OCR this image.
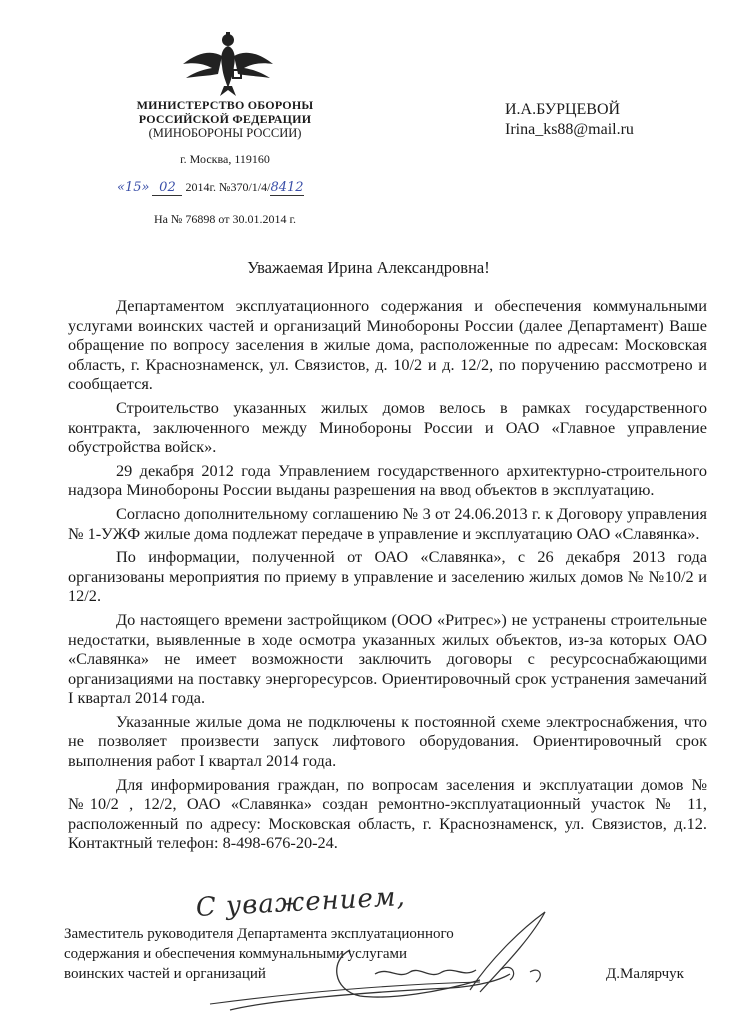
МИНИСТЕРСТВО ОБОРОНЫ
РОССИЙСКОЙ ФЕДЕРАЦИИ
(МИНОБОРОНЫ РОССИИ)
г. Москва, 119160
«15» 02 2014г. №370/1/4/8412
На № 76898 от 30.01.2014 г.
И.А.БУРЦЕВОЙ
Irina_ks88@mail.ru
Уважаемая Ирина Александровна!

Департаментом эксплуатационного содержания и обеспечения коммунальными услугами воинских частей и организаций Минобороны России (далее Департамент) Ваше обращение по вопросу заселения в жилые дома, расположенные по адресам: Московская область, г. Краснознаменск, ул. Связистов, д. 10/2 и д. 12/2, по поручению рассмотрено и сообщается.

Строительство указанных жилых домов велось в рамках государственного контракта, заключенного между Минобороны России и ОАО «Главное управление обустройства войск».

29 декабря 2012 года Управлением государственного архитектурно-строительного надзора Минобороны России выданы разрешения на ввод объектов в эксплуатацию.

Согласно дополнительному соглашению № 3 от 24.06.2013 г. к Договору управления № 1-УЖФ жилые дома подлежат передаче в управление и эксплуатацию ОАО «Славянка».

По информации, полученной от ОАО «Славянка», с 26 декабря 2013 года организованы мероприятия по приему в управление и заселению жилых домов № №10/2 и 12/2.

До настоящего времени застройщиком (ООО «Ритрес») не устранены строительные недостатки, выявленные в ходе осмотра указанных жилых объектов, из-за которых ОАО «Славянка» не имеет возможности заключить договоры с ресурсоснабжающими организациями на поставку энергоресурсов. Ориентировочный срок устранения замечаний I квартал 2014 года.

Указанные жилые дома не подключены к постоянной схеме электроснабжения, что не позволяет произвести запуск лифтового оборудования. Ориентировочный срок выполнения работ I квартал 2014 года.

Для информирования граждан, по вопросам заселения и эксплуатации домов №№10/2 , 12/2, ОАО «Славянка» создан ремонтно-эксплуатационный участок № 11, расположенный по адресу: Московская область, г. Краснознаменск, ул. Связистов, д.12. Контактный телефон: 8-498-676-20-24.

С уважением,
Заместитель руководителя Департамента эксплуатационного
содержания и обеспечения коммунальными услугами
воинских частей и организаций	Д.Малярчук
